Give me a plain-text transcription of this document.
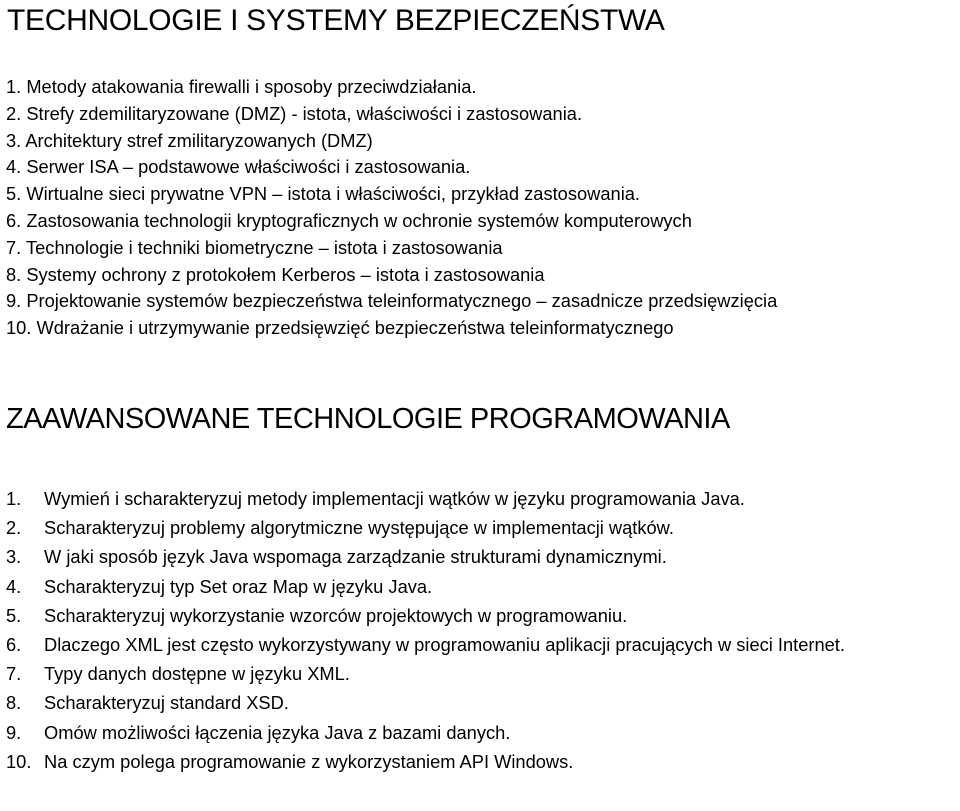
TECHNOLOGIE I SYSTEMY BEZPIECZEŃSTWA
1. Metody atakowania firewalli i sposoby przeciwdziałania.
2. Strefy zdemilitaryzowane (DMZ) - istota, właściwości i zastosowania.
3. Architektury stref zmilitaryzowanych (DMZ)
4. Serwer ISA – podstawowe właściwości i zastosowania.
5. Wirtualne sieci prywatne VPN – istota i właściwości, przykład zastosowania.
6. Zastosowania technologii kryptograficznych w ochronie systemów komputerowych
7. Technologie i techniki biometryczne – istota i zastosowania
8. Systemy ochrony z protokołem Kerberos – istota i zastosowania
9. Projektowanie systemów bezpieczeństwa teleinformatycznego – zasadnicze przedsięwzięcia
10. Wdrażanie i utrzymywanie przedsięwzięć bezpieczeństwa teleinformatycznego
ZAAWANSOWANE TECHNOLOGIE PROGRAMOWANIA
1.	Wymień i scharakteryzuj metody implementacji wątków w języku programowania Java.
2.	Scharakteryzuj problemy algorytmiczne występujące w implementacji wątków.
3.	W jaki sposób język Java wspomaga zarządzanie strukturami dynamicznymi.
4.	Scharakteryzuj typ Set oraz Map w języku Java.
5.	Scharakteryzuj wykorzystanie wzorców projektowych w programowaniu.
6.	Dlaczego XML jest często wykorzystywany w programowaniu aplikacji pracujących w sieci Internet.
7.	Typy danych dostępne w języku XML.
8.	Scharakteryzuj standard XSD.
9.	Omów możliwości łączenia języka Java z bazami danych.
10. Na czym polega programowanie z wykorzystaniem API Windows.
